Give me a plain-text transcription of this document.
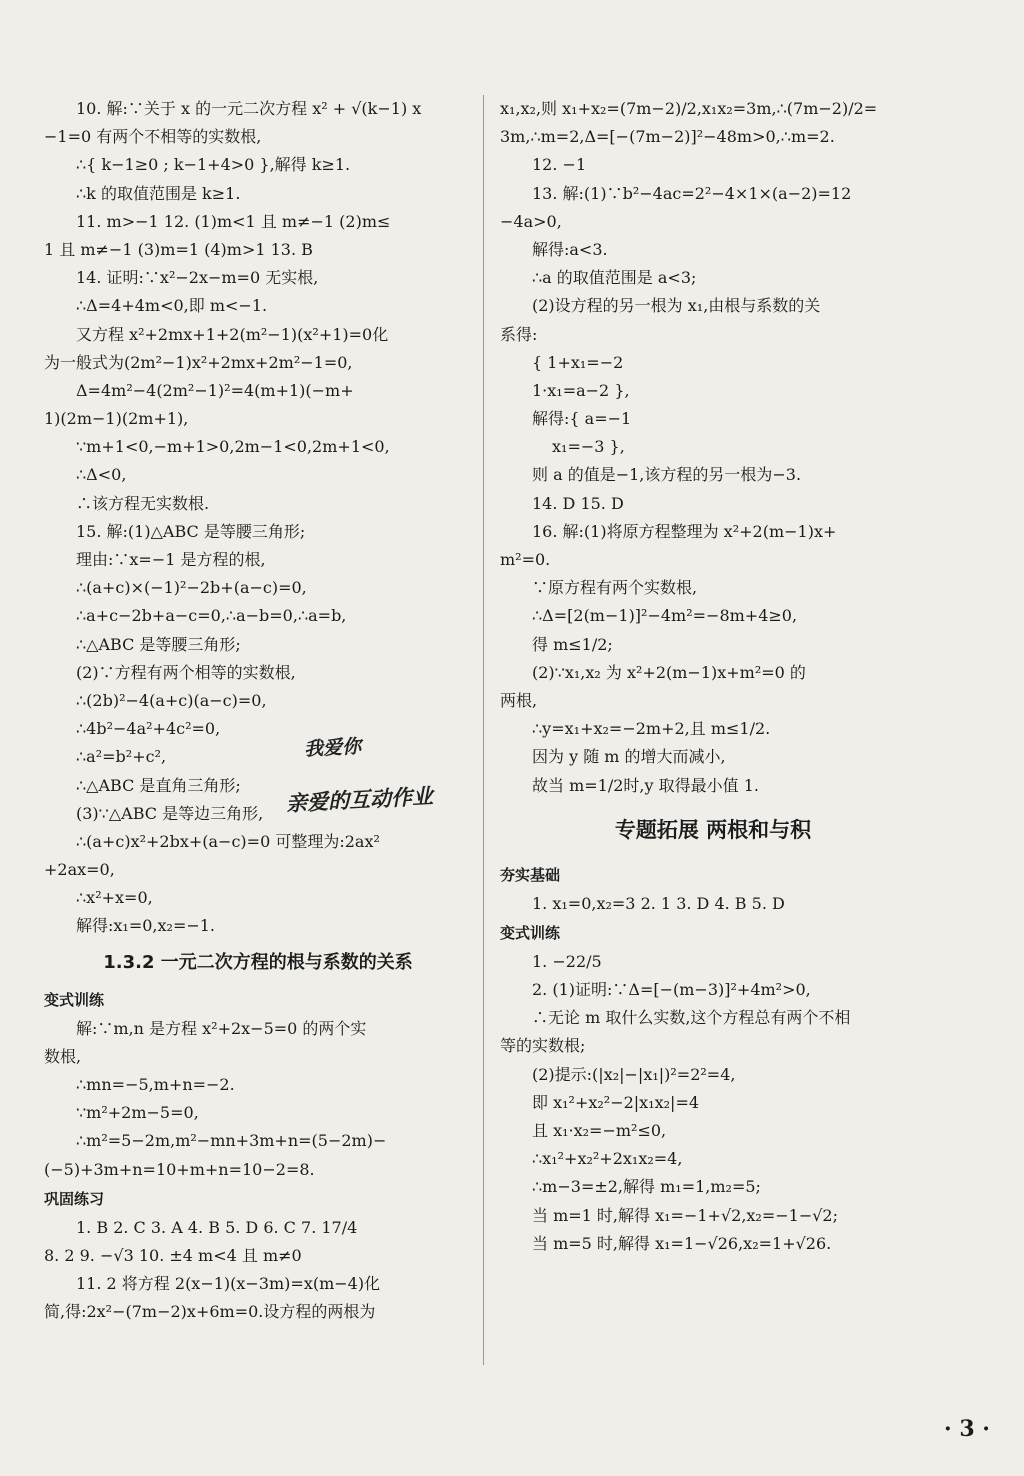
10. 解:∵关于 x 的一元二次方程 x² + √(k−1) x
−1=0 有两个不相等的实数根,
∴{ k−1≥0 ; k−1+4>0 },解得 k≥1.
∴k 的取值范围是 k≥1.
11. m>−1 12. (1)m<1 且 m≠−1 (2)m≤
1 且 m≠−1 (3)m=1 (4)m>1 13. B
14. 证明:∵x²−2x−m=0 无实根,
∴Δ=4+4m<0,即 m<−1.
又方程 x²+2mx+1+2(m²−1)(x²+1)=0化
为一般式为(2m²−1)x²+2mx+2m²−1=0,
Δ=4m²−4(2m²−1)²=4(m+1)(−m+
1)(2m−1)(2m+1),
∵m+1<0,−m+1>0,2m−1<0,2m+1<0,
∴Δ<0,
∴该方程无实数根.
15. 解:(1)△ABC 是等腰三角形;
理由:∵x=−1 是方程的根,
∴(a+c)×(−1)²−2b+(a−c)=0,
∴a+c−2b+a−c=0,∴a−b=0,∴a=b,
∴△ABC 是等腰三角形;
(2)∵方程有两个相等的实数根,
∴(2b)²−4(a+c)(a−c)=0,
∴4b²−4a²+4c²=0,
∴a²=b²+c²,
∴△ABC 是直角三角形;
(3)∵△ABC 是等边三角形,
∴(a+c)x²+2bx+(a−c)=0 可整理为:2ax²
+2ax=0,
∴x²+x=0,
解得:x₁=0,x₂=−1.
1.3.2 一元二次方程的根与系数的关系
变式训练
解:∵m,n 是方程 x²+2x−5=0 的两个实
数根,
∴mn=−5,m+n=−2.
∵m²+2m−5=0,
∴m²=5−2m,m²−mn+3m+n=(5−2m)−
(−5)+3m+n=10+m+n=10−2=8.
巩固练习
1. B 2. C 3. A 4. B 5. D 6. C 7. 17/4
8. 2 9. −√3 10. ±4 m<4 且 m≠0
11. 2 将方程 2(x−1)(x−3m)=x(m−4)化
简,得:2x²−(7m−2)x+6m=0.设方程的两根为
x₁,x₂,则 x₁+x₂=(7m−2)/2,x₁x₂=3m,∴(7m−2)/2=
3m,∴m=2,Δ=[−(7m−2)]²−48m>0,∴m=2.
12. −1
13. 解:(1)∵b²−4ac=2²−4×1×(a−2)=12
−4a>0,
解得:a<3.
∴a 的取值范围是 a<3;
(2)设方程的另一根为 x₁,由根与系数的关
系得:
{ 1+x₁=−2
1·x₁=a−2 },
解得:{ a=−1
x₁=−3 },
则 a 的值是−1,该方程的另一根为−3.
14. D 15. D
16. 解:(1)将原方程整理为 x²+2(m−1)x+
m²=0.
∵原方程有两个实数根,
∴Δ=[2(m−1)]²−4m²=−8m+4≥0,
得 m≤1/2;
(2)∵x₁,x₂ 为 x²+2(m−1)x+m²=0 的
两根,
∴y=x₁+x₂=−2m+2,且 m≤1/2.
因为 y 随 m 的增大而减小,
故当 m=1/2时,y 取得最小值 1.
专题拓展 两根和与积
夯实基础
1. x₁=0,x₂=3 2. 1 3. D 4. B 5. D
变式训练
1. −22/5
2. (1)证明:∵Δ=[−(m−3)]²+4m²>0,
∴无论 m 取什么实数,这个方程总有两个不相
等的实数根;
(2)提示:(|x₂|−|x₁|)²=2²=4,
即 x₁²+x₂²−2|x₁x₂|=4
且 x₁·x₂=−m²≤0,
∴x₁²+x₂²+2x₁x₂=4,
∴m−3=±2,解得 m₁=1,m₂=5;
当 m=1 时,解得 x₁=−1+√2,x₂=−1−√2;
当 m=5 时,解得 x₁=1−√26,x₂=1+√26.
我爱你
亲爱的互动作业
· 3 ·
